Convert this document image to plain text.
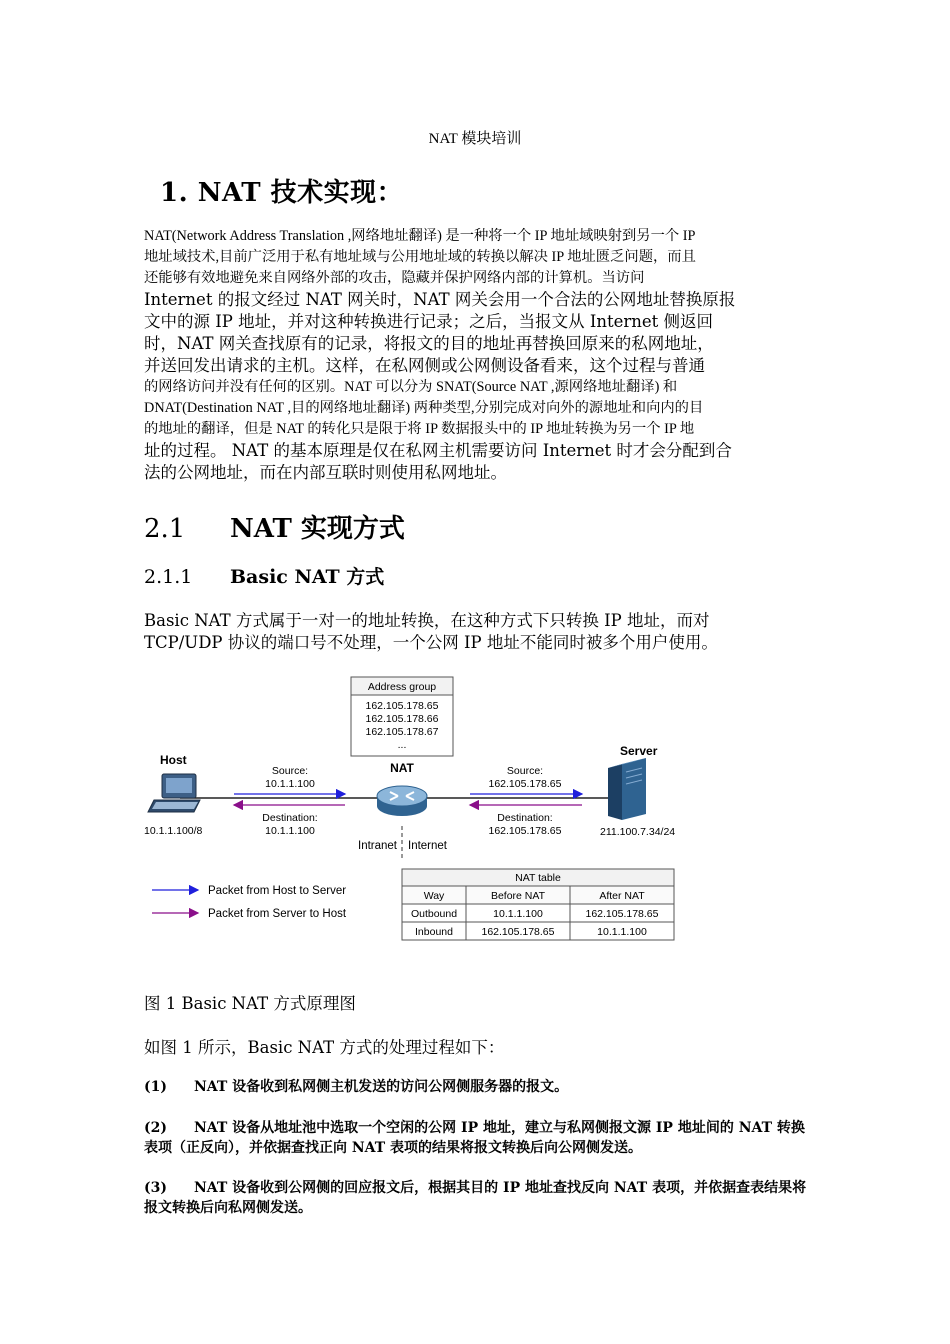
NAT 模块培训
1. NAT 技术实现：
NAT(Network Address Translation ,网络地址翻译) 是一种将一个 IP 地址域映射到另一个 IP
地址域技术,目前广泛用于私有地址域与公用地址域的转换以解决 IP 地址匮乏问题，而且
还能够有效地避免来自网络外部的攻击，隐藏并保护网络内部的计算机。当访问
Internet 的报文经过 NAT 网关时，NAT 网关会用一个合法的公网地址替换原报
文中的源 IP 地址，并对这种转换进行记录；之后，当报文从 Internet 侧返回
时，NAT 网关查找原有的记录，将报文的目的地址再替换回原来的私网地址，
并送回发出请求的主机。这样，在私网侧或公网侧设备看来，这个过程与普通
的网络访问并没有任何的区别。NAT 可以分为 SNAT(Source NAT ,源网络地址翻译) 和
DNAT(Destination NAT ,目的网络地址翻译) 两种类型,分别完成对向外的源地址和向内的目
的地址的翻译，但是 NAT 的转化只是限于将 IP 数据报头中的 IP 地址转换为另一个 IP 地
址的过程。 NAT 的基本原理是仅在私网主机需要访问 Internet 时才会分配到合
法的公网地址，而在内部互联时则使用私网地址。
2.1 NAT 实现方式
2.1.1 Basic NAT 方式
Basic NAT 方式属于一对一的地址转换，在这种方式下只转换 IP 地址，而对
TCP/UDP 协议的端口号不处理，一个公网 IP 地址不能同时被多个用户使用。
Address group
162.105.178.65
162.105.178.66
162.105.178.67
...
Host
10.1.1.100/8
NAT
Intranet Internet
Server
211.100.7.34/24
Source:
10.1.1.100
Destination:
10.1.1.100
Source:
162.105.178.65
Destination:
162.105.178.65
Packet from Host to Server
Packet from Server to Host
NAT table
Way	Before NAT	After NAT
Outbound	10.1.1.100	162.105.178.65
Inbound	162.105.178.65	10.1.1.100
图 1 Basic NAT 方式原理图
如图 1 所示，Basic NAT 方式的处理过程如下：
(1) NAT 设备收到私网侧主机发送的访问公网侧服务器的报文。
(2) NAT 设备从地址池中选取一个空闲的公网 IP 地址，建立与私网侧报文源 IP 地址间的 NAT 转换表项（正反向），并依据查找正向 NAT 表项的结果将报文转换后向公网侧发送。
(3) NAT 设备收到公网侧的回应报文后，根据其目的 IP 地址查找反向 NAT 表项，并依据查表结果将报文转换后向私网侧发送。
